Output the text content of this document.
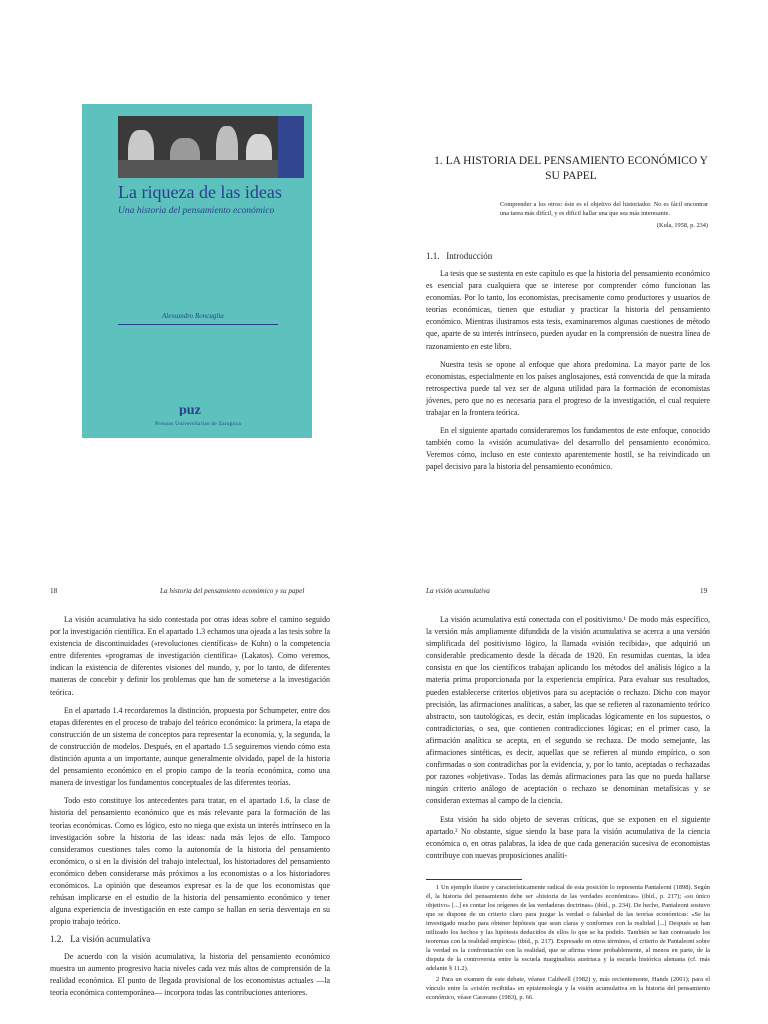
La riqueza de las ideas
Una historia del pensamiento económico
Alessandro Roncaglia
puz
Prensas Universitarias de Zaragoza
1. LA HISTORIA DEL PENSAMIENTO ECONÓMICO Y SU PAPEL
Comprender a los otros: éste es el objetivo del historiador. No es fácil encontrar una tarea más difícil, y es difícil hallar una que sea más interesante.
(Kula, 1958, p. 234)
1.1.   Introducción

La tesis que se sustenta en este capítulo es que la historia del pensamiento económico es esencial para cualquiera que se interese por comprender cómo funcionan las economías. Por lo tanto, los economistas, precisamente como productores y usuarios de teorías económicas, tienen que estudiar y practicar la historia del pensamiento económico. Mientras ilustramos esta tesis, examinaremos algunas cuestiones de método que, aparte de su interés intrínseco, pueden ayudar en la comprensión de nuestra línea de razonamiento en este libro.

Nuestra tesis se opone al enfoque que ahora predomina. La mayor parte de los economistas, especialmente en los países anglosajones, está convencida de que la mirada retrospectiva puede tal vez ser de alguna utilidad para la formación de economistas jóvenes, pero que no es necesaria para el progreso de la investigación, el cual requiere trabajar en la frontera teórica.

En el siguiente apartado consideraremos los fundamentos de este enfoque, conocido también como la «visión acumulativa» del desarrollo del pensamiento económico. Veremos cómo, incluso en este contexto aparentemente hostil, se ha reivindicado un papel decisivo para la historia del pensamiento económico.

18	La historia del pensamiento económico y su papel	La visión acumulativa	19

La visión acumulativa ha sido contestada por otras ideas sobre el camino seguido por la investigación científica. En el apartado 1.3 echamos una ojeada a las tesis sobre la existencia de discontinuidades («revoluciones científicas» de Kuhn) o la competencia entre diferentes «programas de investigación científica» (Lakatos). Como veremos, indican la existencia de diferentes visiones del mundo, y, por lo tanto, de diferentes maneras de concebir y definir los problemas que han de someterse a la investigación teórica.

En el apartado 1.4 recordaremos la distinción, propuesta por Schumpeter, entre dos etapas diferentes en el proceso de trabajo del teórico económico: la primera, la etapa de construcción de un sistema de conceptos para representar la economía, y, la segunda, la de construcción de modelos. Después, en el apartado 1.5 seguiremos viendo cómo esta distinción apunta a un importante, aunque generalmente olvidado, papel de la historia del pensamiento económico en el propio campo de la teoría económica, como una manera de investigar los fundamentos conceptuales de las diferentes teorías.

Todo esto constituye los antecedentes para tratar, en el apartado 1.6, la clase de historia del pensamiento económico que es más relevante para la formación de las teorías económicas. Como es lógico, esto no niega que exista un interés intrínseco en la investigación sobre la historia de las ideas: nada más lejos de ello. Tampoco consideramos cuestiones tales como la autonomía de la historia del pensamiento económico, o si en la división del trabajo intelectual, los historiadores del pensamiento económico deben considerarse más próximos a los economistas o a los historiadores económicos. La opinión que deseamos expresar es la de que los economistas que rehúsan implicarse en el estudio de la historia del pensamiento económico y tener alguna experiencia de investigación en este campo se hallan en seria desventaja en su propio trabajo teórico.

1.2.   La visión acumulativa

De acuerdo con la visión acumulativa, la historia del pensamiento económico muestra un aumento progresivo hacia niveles cada vez más altos de comprensión de la realidad económica. El punto de llegada provisional de los economistas actuales —la teoría económica contemporánea— incorpora todas las contribuciones anteriores.

La visión acumulativa está conectada con el positivismo.¹ De modo más específico, la versión más ampliamente difundida de la visión acumulativa se acerca a una versión simplificada del positivismo lógico, la llamada «visión recibida», que adquirió un considerable predicamento desde la década de 1920. En resumidas cuentas, la idea consista en que los científicos trabajan aplicando los métodos del análisis lógico a la materia prima proporcionada por la experiencia empírica. Para evaluar sus resultados, pueden establecerse criterios objetivos para su aceptación o rechazo. Dicho con mayor precisión, las afirmaciones analíticas, a saber, las que se refieren al razonamiento teórico abstracto, son tautológicas, es decir, están implicadas lógicamente en los supuestos, o contradictorias, o sea, que contienen contradicciones lógicas; en el primer caso, la afirmación analítica se acepta, en el segundo se rechaza. De modo semejante, las afirmaciones sintéticas, es decir, aquellas que se refieren al mundo empírico, o son confirmadas o son contradichas por la evidencia, y, por lo tanto, aceptadas o rechazadas por razones «objetivas». Todas las demás afirmaciones para las que no pueda hallarse ningún criterio análogo de aceptación o rechazo se denominan metafísicas y se consideran externas al campo de la ciencia.

Esta visión ha sido objeto de severas críticas, que se exponen en el siguiente apartado.² No obstante, sigue siendo la base para la visión acumulativa de la ciencia económica o, en otras palabras, la idea de que cada generación sucesiva de economistas contribuye con nuevas proposiciones analíti-

1 Un ejemplo ilustre y característicamente radical de esta posición lo representa Pantaleoni (1898). Según él, la historia del pensamiento debe ser «historia de las verdades económicas» (ibíd., p. 217); «su único objetivo» [...] es contar los orígenes de las verdaderas doctrinas» (ibíd., p. 234). De hecho, Pantaleoni sostuvo que se dispone de un criterio claro para juzgar la verdad o falsedad de las teorías económicas: «Se ha investigado mucho para obtener hipótesis que sean claras y conformes con la realidad [...] Después se han utilizado los hechos y las hipótesis deducidos de ellos lo que se ha podido. También se han contrastado los teoremas con la realidad empírica» (ibíd., p. 217). Expresado en otros términos, el criterio de Pantaleoni sobre la verdad es la confrontación con la realidad, que se afirma viene probablemente, al menos en parte, de la disputa de la controversia entre la escuela marginalista austriaca y la escuela histórica alemana (cf. más adelante § 11.2).

2 Para un examen de este debate, véanse Caldwell (1982) y, más recientemente, Hands (2001); para el vínculo entre la «visión recibida» en epistemología y la visión acumulativa en la historia del pensamiento económico, véase Caravano (1983), p. 66.
